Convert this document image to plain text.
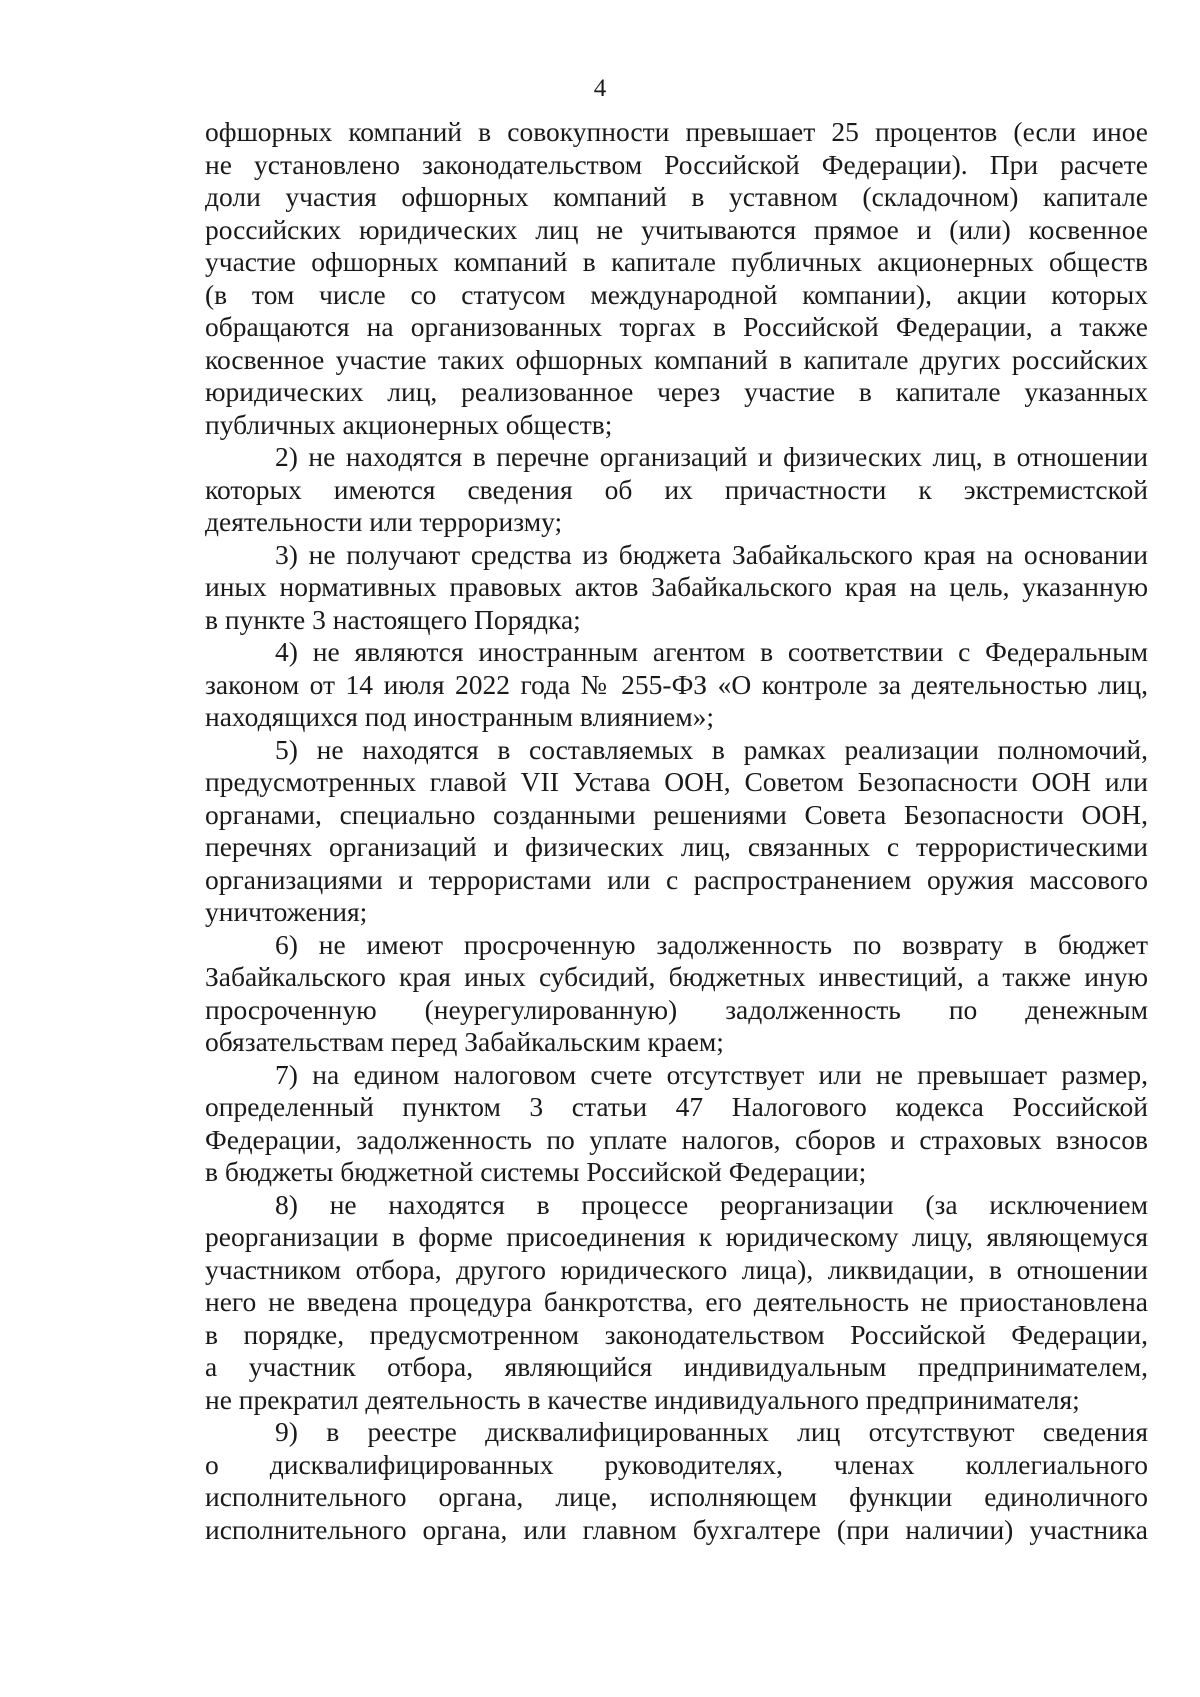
4
офшорных компаний в совокупности превышает 25 процентов (если иное
не установлено законодательством Российской Федерации). При расчете
доли участия офшорных компаний в уставном (складочном) капитале
российских юридических лиц не учитываются прямое и (или) косвенное
участие офшорных компаний в капитале публичных акционерных обществ
(в том числе со статусом международной компании), акции которых
обращаются на организованных торгах в Российской Федерации, а также
косвенное участие таких офшорных компаний в капитале других российских
юридических лиц, реализованное через участие в капитале указанных
публичных акционерных обществ;
2) не находятся в перечне организаций и физических лиц, в отношении
которых имеются сведения об их причастности к экстремистской
деятельности или терроризму;
3) не получают средства из бюджета Забайкальского края на основании
иных нормативных правовых актов Забайкальского края на цель, указанную
в пункте 3 настоящего Порядка;
4) не являются иностранным агентом в соответствии с Федеральным
законом от 14 июля 2022 года № 255-ФЗ «О контроле за деятельностью лиц,
находящихся под иностранным влиянием»;
5) не находятся в составляемых в рамках реализации полномочий,
предусмотренных главой VII Устава ООН, Советом Безопасности ООН или
органами, специально созданными решениями Совета Безопасности ООН,
перечнях организаций и физических лиц, связанных с террористическими
организациями и террористами или с распространением оружия массового
уничтожения;
6) не имеют просроченную задолженность по возврату в бюджет
Забайкальского края иных субсидий, бюджетных инвестиций, а также иную
просроченную (неурегулированную) задолженность по денежным
обязательствам перед Забайкальским краем;
7) на едином налоговом счете отсутствует или не превышает размер,
определенный пунктом 3 статьи 47 Налогового кодекса Российской
Федерации, задолженность по уплате налогов, сборов и страховых взносов
в бюджеты бюджетной системы Российской Федерации;
8) не находятся в процессе реорганизации (за исключением
реорганизации в форме присоединения к юридическому лицу, являющемуся
участником отбора, другого юридического лица), ликвидации, в отношении
него не введена процедура банкротства, его деятельность не приостановлена
в порядке, предусмотренном законодательством Российской Федерации,
а участник отбора, являющийся индивидуальным предпринимателем,
не прекратил деятельность в качестве индивидуального предпринимателя;
9) в реестре дисквалифицированных лиц отсутствуют сведения
о дисквалифицированных руководителях, членах коллегиального
исполнительного органа, лице, исполняющем функции единоличного
исполнительного органа, или главном бухгалтере (при наличии) участника
